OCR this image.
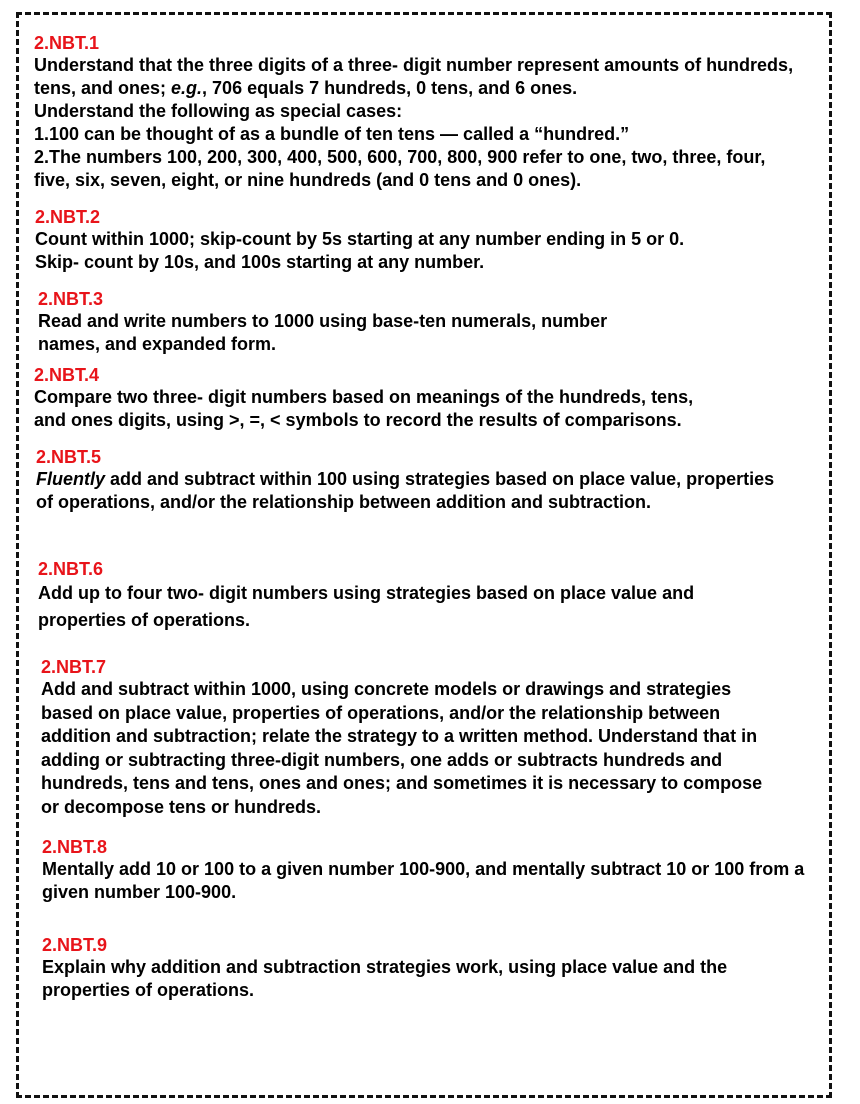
2.NBT.1

Understand that the three digits of a three- digit number represent amounts of hundreds, tens, and ones; e.g., 706 equals 7 hundreds, 0 tens, and 6 ones.

Understand the following as special cases:

1.100 can be thought of as a bundle of ten tens — called a “hundred.”

2.The numbers 100, 200, 300, 400, 500, 600, 700, 800, 900 refer to one, two, three, four, five, six, seven, eight, or nine hundreds (and 0 tens and 0 ones).

2.NBT.2

Count within 1000; skip-count by 5s starting at any number ending in 5 or 0.

Skip- count by 10s, and 100s starting at any number.

2.NBT.3

Read and write numbers to 1000 using base-ten numerals, number

names, and expanded form.

2.NBT.4

Compare two three- digit numbers based on meanings of the hundreds, tens,

and ones digits, using >, =, < symbols to record the results of comparisons.

2.NBT.5

Fluently add and subtract within 100 using strategies based on place value, properties of operations, and/or the relationship between addition and subtraction.

2.NBT.6

Add up to four two- digit numbers using strategies based on place value and

properties of operations.

2.NBT.7

Add and subtract within 1000, using concrete models or drawings and strategies based on place value, properties of operations, and/or the relationship between addition and subtraction; relate the strategy to a written method. Understand that in adding or subtracting three-digit numbers, one adds or subtracts hundreds and hundreds, tens and tens, ones and ones; and sometimes it is necessary to compose or decompose tens or hundreds.

2.NBT.8

Mentally add 10 or 100 to a given number 100-900, and mentally subtract 10 or 100 from a given number 100-900.

2.NBT.9

Explain why addition and subtraction strategies work, using place value and the properties of operations.
